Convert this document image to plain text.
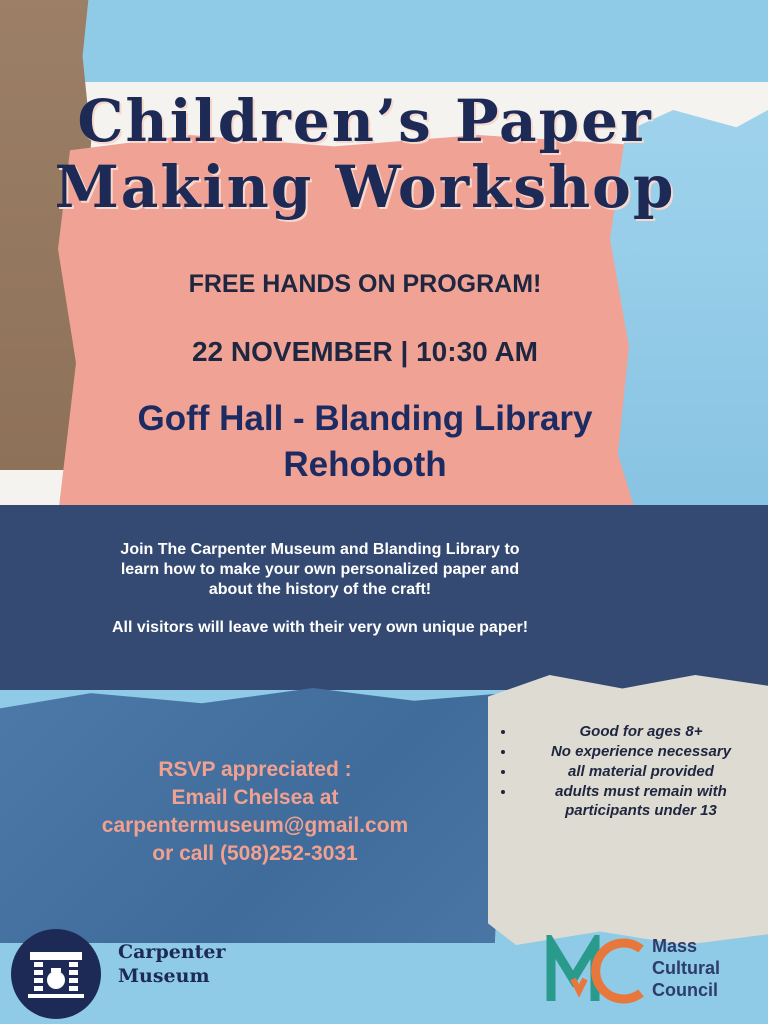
Children’s Paper
Making Workshop
FREE HANDS ON PROGRAM!
22 NOVEMBER | 10:30 AM
Goff Hall - Blanding Library
Rehoboth

Join The Carpenter Museum and Blanding Library to
learn how to make your own personalized paper and
about the history of the craft!

All visitors will leave with their very own unique paper!

RSVP appreciated :
Email Chelsea at
carpentermuseum@gmail.com
or call (508)252-3031
• Good for ages 8+
• No experience necessary
• all material provided
• adults must remain with participants under 13
Carpenter
Museum
Mass
Cultural
Council
